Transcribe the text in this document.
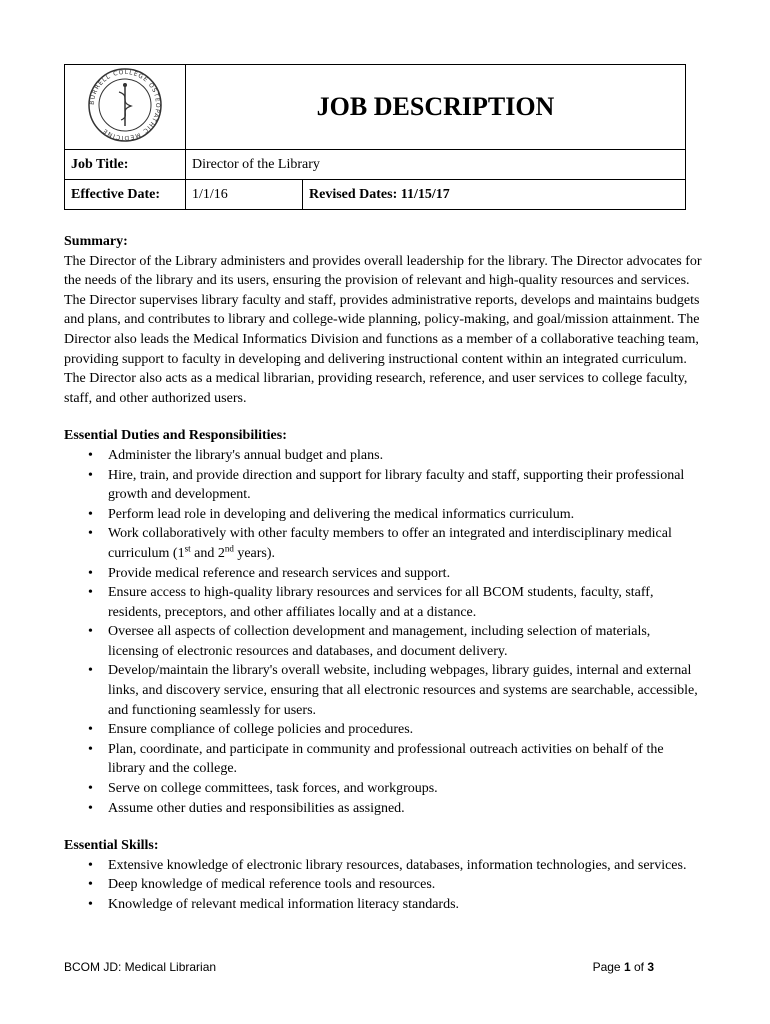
BURRELL COLLEGE OSTEOPATHIC MEDICINE	JOB DESCRIPTION	
Job Title:	Director of the Library	
Effective Date:	1/1/16	Revised Dates: 11/15/17
Summary:

The Director of the Library administers and provides overall leadership for the library. The Director advocates for the needs of the library and its users, ensuring the provision of relevant and high-quality resources and services. The Director supervises library faculty and staff, provides administrative reports, develops and maintains budgets and plans, and contributes to library and college-wide planning, policy-making, and goal/mission attainment. The Director also leads the Medical Informatics Division and functions as a member of a collaborative teaching team, providing support to faculty in developing and delivering instructional content within an integrated curriculum. The Director also acts as a medical librarian, providing research, reference, and user services to college faculty, staff, and other authorized users.

Essential Duties and Responsibilities:
• Administer the library's annual budget and plans.
• Hire, train, and provide direction and support for library faculty and staff, supporting their professional growth and development.
• Perform lead role in developing and delivering the medical informatics curriculum.
• Work collaboratively with other faculty members to offer an integrated and interdisciplinary medical curriculum (1st and 2nd years).
• Provide medical reference and research services and support.
• Ensure access to high-quality library resources and services for all BCOM students, faculty, staff, residents, preceptors, and other affiliates locally and at a distance.
• Oversee all aspects of collection development and management, including selection of materials, licensing of electronic resources and databases, and document delivery.
• Develop/maintain the library's overall website, including webpages, library guides, internal and external links, and discovery service, ensuring that all electronic resources and systems are searchable, accessible, and functioning seamlessly for users.
• Ensure compliance of college policies and procedures.
• Plan, coordinate, and participate in community and professional outreach activities on behalf of the library and the college.
• Serve on college committees, task forces, and workgroups.
• Assume other duties and responsibilities as assigned.
Essential Skills:
• Extensive knowledge of electronic library resources, databases, information technologies, and services.
• Deep knowledge of medical reference tools and resources.
• Knowledge of relevant medical information literacy standards.
BCOM JD: Medical Librarian	Page 1 of 3
